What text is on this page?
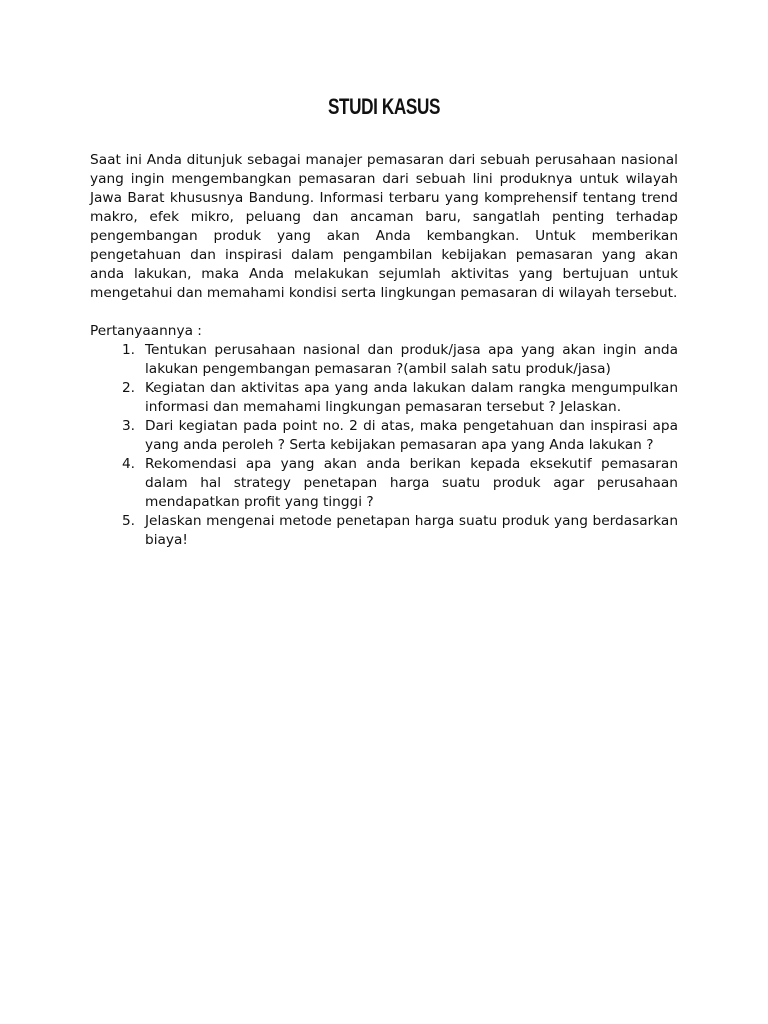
STUDI KASUS

Saat ini Anda ditunjuk sebagai manajer pemasaran dari sebuah perusahaan nasional yang ingin mengembangkan pemasaran dari sebuah lini produknya untuk wilayah Jawa Barat khususnya Bandung. Informasi terbaru yang komprehensif tentang trend makro, efek mikro, peluang dan ancaman baru, sangatlah penting terhadap pengembangan produk yang akan Anda kembangkan. Untuk memberikan pengetahuan dan inspirasi dalam pengambilan kebijakan pemasaran yang akan anda lakukan, maka Anda melakukan sejumlah aktivitas yang bertujuan untuk mengetahui dan memahami kondisi serta lingkungan pemasaran di wilayah tersebut.

Pertanyaannya :

1. Tentukan perusahaan nasional dan produk/jasa apa yang akan ingin anda lakukan pengembangan pemasaran ?(ambil salah satu produk/jasa)
2. Kegiatan dan aktivitas apa yang anda lakukan dalam rangka mengumpulkan informasi dan memahami lingkungan pemasaran tersebut ? Jelaskan.
3. Dari kegiatan pada point no. 2 di atas, maka pengetahuan dan inspirasi apa yang anda peroleh ? Serta kebijakan pemasaran apa yang Anda lakukan ?
4. Rekomendasi apa yang akan anda berikan kepada eksekutif pemasaran dalam hal strategy penetapan harga suatu produk agar perusahaan mendapatkan profit yang tinggi ?
5. Jelaskan mengenai metode penetapan harga suatu produk yang berdasarkan biaya!
